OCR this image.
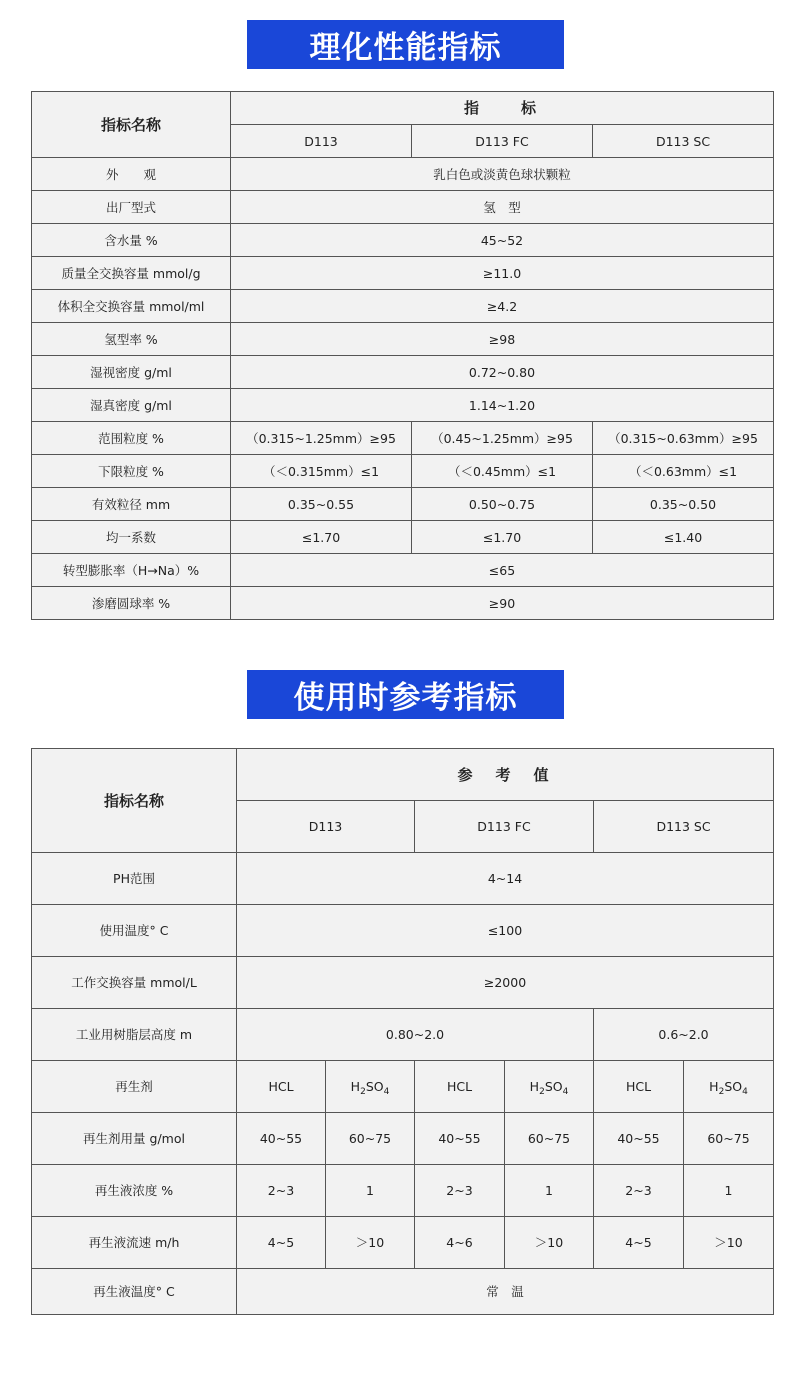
理化性能指标
指标名称	指　　标		
	D113	D113 FC	D113 SC
外　　观	乳白色或淡黄色球状颗粒		
出厂型式	氢　型		
含水量 %	45~52		
质量全交换容量 mmol/g	≥11.0		
体积全交换容量 mmol/ml	≥4.2		
氢型率 %	≥98		
湿视密度 g/ml	0.72~0.80		
湿真密度 g/ml	1.14~1.20		
范围粒度 %	（0.315~1.25mm）≥95	（0.45~1.25mm）≥95	（0.315~0.63mm）≥95
下限粒度 %	（＜0.315mm）≤1	（＜0.45mm）≤1	（＜0.63mm）≤1
有效粒径 mm	0.35~0.55	0.50~0.75	0.35~0.50
均一系数	≤1.70	≤1.70	≤1.40
转型膨胀率（H→Na）%	≤65		
渗磨圆球率 %	≥90		
使用时参考指标
指标名称	参　考　值					
	D113		D113 FC		D113 SC	
PH范围	4~14					
使用温度° C	≤100					
工作交换容量 mmol/L	≥2000					
工业用树脂层高度 m	0.80~2.0				0.6~2.0	
再生剂	HCL	$H_2SO_4$	HCL	$H_2SO_4$	HCL	$H_2SO_4$
再生剂用量 g/mol	40~55	60~75	40~55	60~75	40~55	60~75
再生液浓度 %	2~3	1	2~3	1	2~3	1
再生液流速 m/h	4~5	＞10	4~6	＞10	4~5	＞10
再生液温度° C	常　温					
